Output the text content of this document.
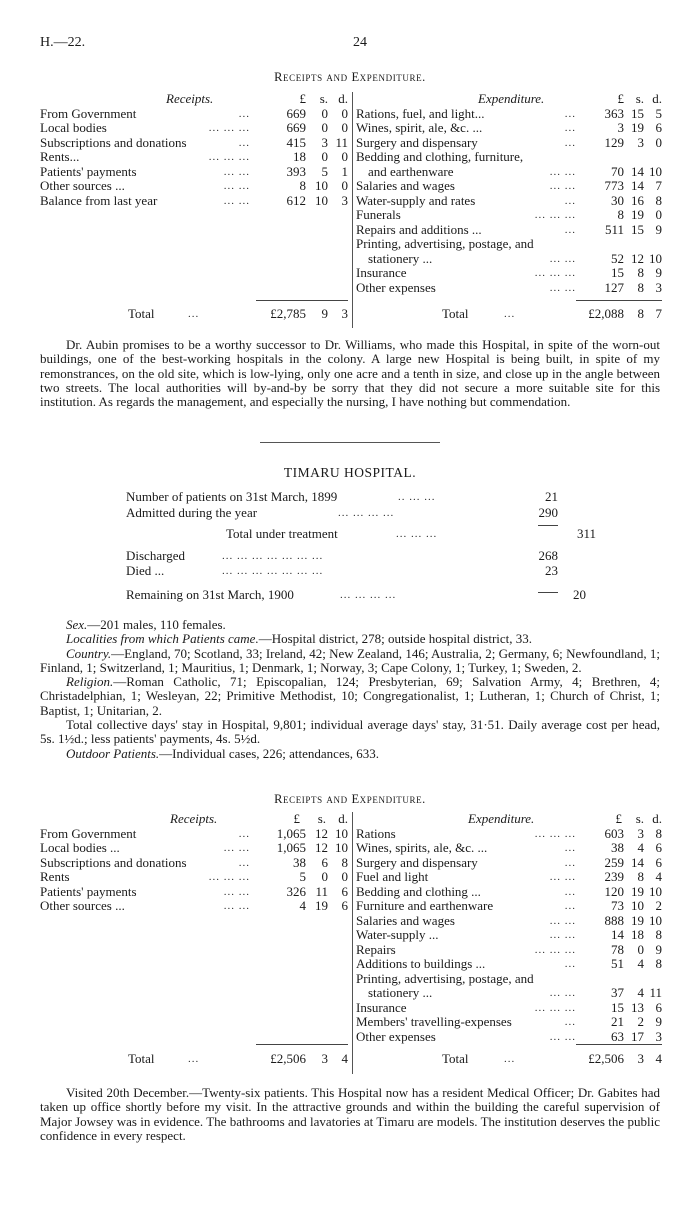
H.—22.	24
Receipts and Expenditure.
Receipts.	£	s. d.
From Government	...	669	0	0
Local bodies	... ... ...	669	0	0
Subscriptions and donations	...	415	3 11
Rents...	... ... ...	18	0	0
Patients' payments	... ...	393	5	1
Other sources ...	... ...	8 10	0
Balance from last year	... ...	612 10	3
Expenditure.	£ s. d.
Rations, fuel, and light...	...	363 15 5
Wines, spirit, ale, &c. ...	...	3 19 6
Surgery and dispensary	...	129	3 0
Bedding and clothing, furniture,
and earthenware	... ...	70 14 10
Salaries and wages	... ...	773 14 7
Water-supply and rates	...	30 16 8
Funerals	... ... ...	8 19 0
Repairs and additions ...	...	511 15 9
Printing, advertising, postage, and
stationery ...	... ...	52 12 10
Insurance	... ... ...	15	8 9
Other expenses	... ...	127	8 3
Total	...	£2,785	9	3	Total	...	£2,088	8 7

Dr. Aubin promises to be a worthy successor to Dr. Williams, who made this Hospital, in spite of the worn-out buildings, one of the best-working hospitals in the colony. A large new Hospital is being built, in spite of my remonstrances, on the old site, which is low-lying, only one acre and a tenth in size, and close up in the angle between two streets. The local authorities will by-and-by be sorry that they did not secure a more suitable site for this institution. As regards the management, and especially the nursing, I have nothing but commendation.

TIMARU HOSPITAL.
Number of patients on 31st March, 1899	.. ... ...	21
Admitted during the year	... ... ... ...	290
Total under treatment	... ... ...	311
Discharged	... ... ... ... ... ... ...	268
Died ...	... ... ... ... ... ... ...	23
Remaining on 31st March, 1900	... ... ... ...	20

Sex.—201 males, 110 females.

Localities from which Patients came.—Hospital district, 278; outside hospital district, 33.

Country.—England, 70; Scotland, 33; Ireland, 42; New Zealand, 146; Australia, 2; Germany, 6; Newfoundland, 1; Finland, 1; Switzerland, 1; Mauritius, 1; Denmark, 1; Norway, 3; Cape Colony, 1; Turkey, 1; Sweden, 2.

Religion.—Roman Catholic, 71; Episcopalian, 124; Presbyterian, 69; Salvation Army, 4; Brethren, 4; Christadelphian, 1; Wesleyan, 22; Primitive Methodist, 10; Congregationalist, 1; Lutheran, 1; Church of Christ, 1; Baptist, 1; Unitarian, 2.

Total collective days' stay in Hospital, 9,801; individual average days' stay, 31·51. Daily average cost per head, 5s. 1½d.; less patients' payments, 4s. 5½d.

Outdoor Patients.—Individual cases, 226; attendances, 633.

Receipts and Expenditure.
Receipts.	£	s. d.
From Government	...	1,065 12 10
Local bodies ...	... ...	1,065 12 10
Subscriptions and donations	...	38	6	8
Rents	... ... ...	5	0	0
Patients' payments	... ...	326 11	6
Other sources ...	... ...	4 19	6
Expenditure.	£	s. d.
Rations	... ... ...	603	3 8
Wines, spirits, ale, &c. ...	...	38	4 6
Surgery and dispensary	...	259 14 6
Fuel and light	... ...	239	8 4
Bedding and clothing ...	...	120 19 10
Furniture and earthenware	...	73 10 2
Salaries and wages	... ...	888 19 10
Water-supply ...	... ...	14 18 8
Repairs	... ... ...	78	0 9
Additions to buildings ...	...	51	4 8
Printing, advertising, postage, and
stationery ...	... ...	37	4 11
Insurance	... ... ...	15 13 6
Members' travelling-expenses	...	21	2 9
Other expenses	... ...	63 17 3
Total	...	£2,506	3	4	Total	...	£2,506	3 4

Visited 20th December.—Twenty-six patients. This Hospital now has a resident Medical Officer; Dr. Gabites had taken up office shortly before my visit. In the attractive grounds and within the building the careful supervision of Major Jowsey was in evidence. The bathrooms and lavatories at Timaru are models. The institution deserves the public confidence in every respect.
